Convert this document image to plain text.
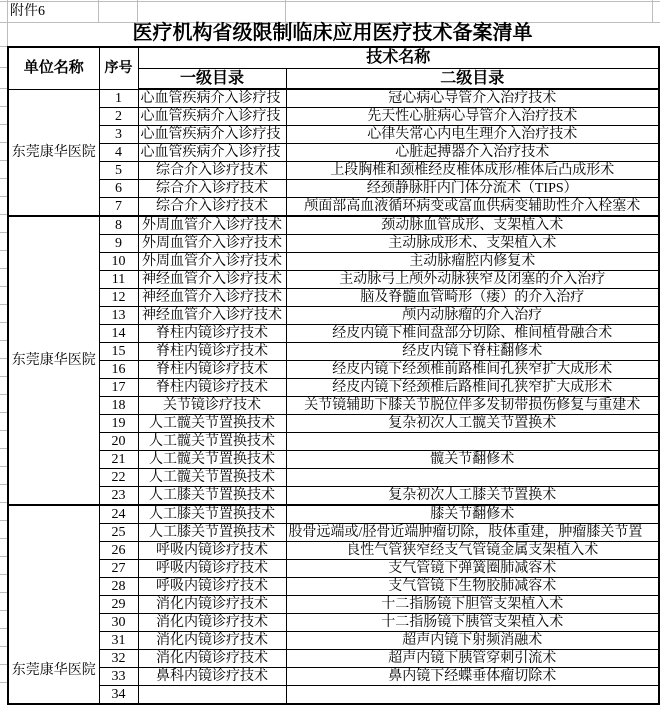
附件6
医疗机构省级限制临床应用医疗技术备案清单
单位名称	序号	技术名称	
		一级目录	二级目录
东莞康华医院	1	心血管疾病介入诊疗技	冠心病心导管介入治疗技术
	2	心血管疾病介入诊疗技	先天性心脏病心导管介入治疗技术
	3	心血管疾病介入诊疗技	心律失常心内电生理介入治疗技术
	4	心血管疾病介入诊疗技	心脏起搏器介入治疗技术
	5	综合介入诊疗技术	上段胸椎和颈椎经皮椎体成形/椎体后凸成形术
	6	综合介入诊疗技术	经颈静脉肝内门体分流术（TIPS）
	7	综合介入诊疗技术	颅面部高血液循环病变或富血供病变辅助性介入栓塞术
东莞康华医院	8	外周血管介入诊疗技术	颈动脉血管成形、支架植入术
	9	外周血管介入诊疗技术	主动脉成形术、支架植入术
	10	外周血管介入诊疗技术	主动脉瘤腔内修复术
	11	神经血管介入诊疗技术	主动脉弓上颅外动脉狭窄及闭塞的介入治疗
	12	神经血管介入诊疗技术	脑及脊髓血管畸形（瘘）的介入治疗
	13	神经血管介入诊疗技术	颅内动脉瘤的介入治疗
	14	脊柱内镜诊疗技术	经皮内镜下椎间盘部分切除、椎间植骨融合术
	15	脊柱内镜诊疗技术	经皮内镜下脊柱翻修术
	16	脊柱内镜诊疗技术	经皮内镜下经颈椎前路椎间孔狭窄扩大成形术
	17	脊柱内镜诊疗技术	经皮内镜下经颈椎后路椎间孔狭窄扩大成形术
	18	关节镜诊疗技术	关节镜辅助下膝关节脱位伴多发韧带损伤修复与重建术
	19	人工髋关节置换技术	复杂初次人工髋关节置换术
	20	人工髋关节置换技术	
	21	人工髋关节置换技术	髋关节翻修术
	22	人工髋关节置换技术	
	23	人工膝关节置换技术	复杂初次人工膝关节置换术
东莞康华医院	24	人工膝关节置换技术	膝关节翻修术
	25	人工膝关节置换技术	股骨远端或/胫骨近端肿瘤切除，肢体重建，肿瘤膝关节置
	26	呼吸内镜诊疗技术	良性气管狭窄经支气管镜金属支架植入术
	27	呼吸内镜诊疗技术	支气管镜下弹簧圈肺减容术
	28	呼吸内镜诊疗技术	支气管镜下生物胶肺减容术
	29	消化内镜诊疗技术	十二指肠镜下胆管支架植入术
	30	消化内镜诊疗技术	十二指肠镜下胰管支架植入术
	31	消化内镜诊疗技术	超声内镜下射频消融术
	32	消化内镜诊疗技术	超声内镜下胰管穿刺引流术
	33	鼻科内镜诊疗技术	鼻内镜下经蝶垂体瘤切除术
	34		
